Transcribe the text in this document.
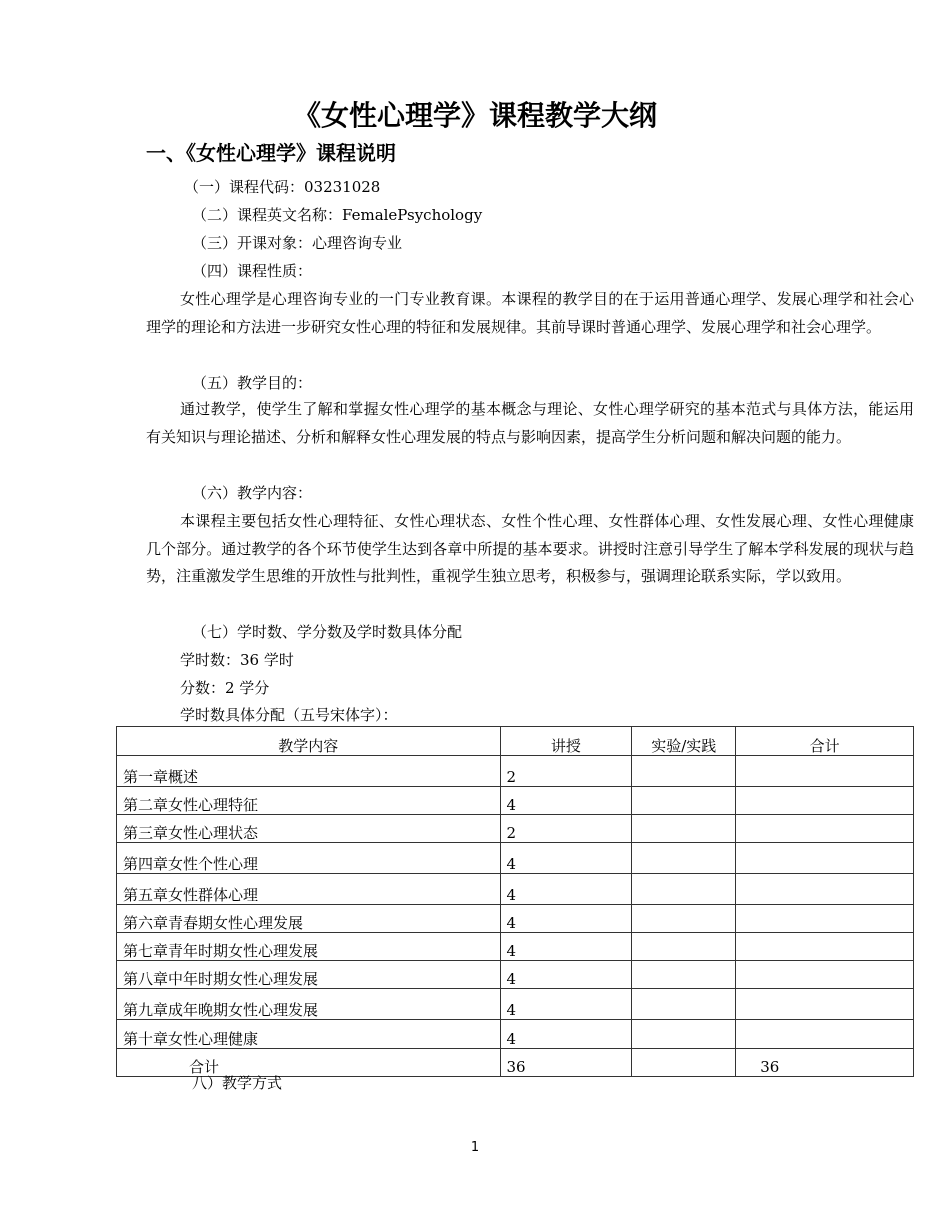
《女性心理学》课程教学大纲
一、《女性心理学》课程说明
（一）课程代码：03231028
（二）课程英文名称：FemalePsychology
（三）开课对象：心理咨询专业
（四）课程性质：
女性心理学是心理咨询专业的一门专业教育课。本课程的教学目的在于运用普通心理学、发展心理学和社会心理学的理论和方法进一步研究女性心理的特征和发展规律。其前导课时普通心理学、发展心理学和社会心理学。
（五）教学目的：
通过教学，使学生了解和掌握女性心理学的基本概念与理论、女性心理学研究的基本范式与具体方法，能运用有关知识与理论描述、分析和解释女性心理发展的特点与影响因素，提高学生分析问题和解决问题的能力。
（六）教学内容：
本课程主要包括女性心理特征、女性心理状态、女性个性心理、女性群体心理、女性发展心理、女性心理健康几个部分。通过教学的各个环节使学生达到各章中所提的基本要求。讲授时注意引导学生了解本学科发展的现状与趋势，注重激发学生思维的开放性与批判性，重视学生独立思考，积极参与，强调理论联系实际，学以致用。
（七）学时数、学分数及学时数具体分配
学时数：36 学时
分数：2 学分
学时数具体分配（五号宋体字）：
教学内容	讲授	实验/实践	合计
第一章概述	2		
第二章女性心理特征	4		
第三章女性心理状态	2		
第四章女性个性心理	4		
第五章女性群体心理	4		
第六章青春期女性心理发展	4		
第七章青年时期女性心理发展	4		
第八章中年时期女性心理发展	4		
第九章成年晚期女性心理发展	4		
第十章女性心理健康	4		
合计	36		36
八）教学方式
1
